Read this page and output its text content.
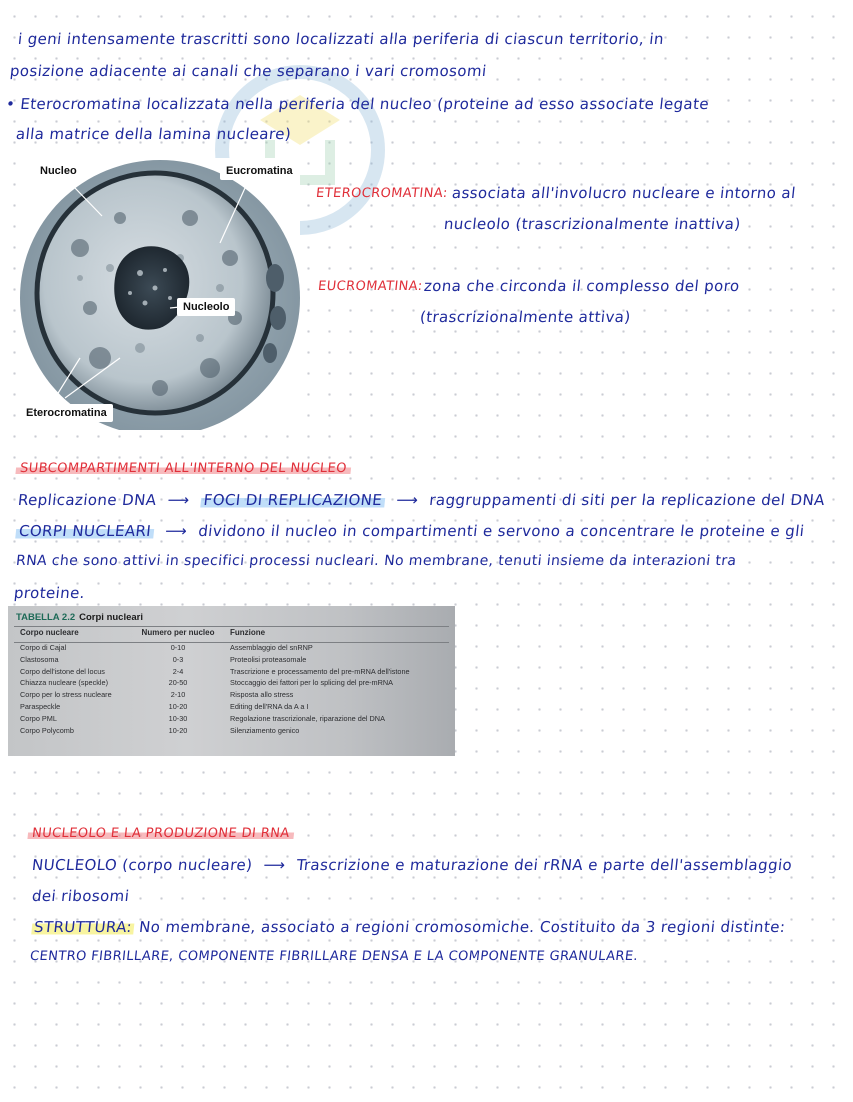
i geni intensamente trascritti sono localizzati alla periferia di ciascun territorio, in
posizione adiacente ai canali che separano i vari cromosomi
• Eterocromatina localizzata nella periferia del nucleo (proteine ad esso associate legate
alla matrice della lamina nucleare)
Nucleo	Eucromatina
Nucleolo
Eterocromatina
ETEROCROMATINA: associata all'involucro nucleare e intorno al
nucleolo (trascrizionalmente inattiva)
EUCROMATINA: zona che circonda il complesso del poro
(trascrizionalmente attiva)
SUBCOMPARTIMENTI ALL'INTERNO DEL NUCLEO
Replicazione DNA ⟶ FOCI DI REPLICAZIONE ⟶ raggruppamenti di siti per la replicazione del DNA
CORPI NUCLEARI ⟶ dividono il nucleo in compartimenti e servono a concentrare le proteine e gli
RNA che sono attivi in specifici processi nucleari. No membrane, tenuti insieme da interazioni tra
proteine.
TABELLA 2.2 Corpi nucleari
Corpo nucleare	Numero per nucleo	Funzione
Corpo di Cajal	0-10	Assemblaggio del snRNP
Clastosoma	0-3	Proteolisi proteasomale
Corpo dell'istone del locus	2-4	Trascrizione e processamento del pre-mRNA dell'istone
Chiazza nucleare (speckle)	20-50	Stoccaggio dei fattori per lo splicing del pre-mRNA
Corpo per lo stress nucleare	2-10	Risposta allo stress
Paraspeckle	10-20	Editing dell'RNA da A a I
Corpo PML	10-30	Regolazione trascrizionale, riparazione del DNA
Corpo Polycomb	10-20	Silenziamento genico
NUCLEOLO E LA PRODUZIONE DI RNA
NUCLEOLO (corpo nucleare) ⟶ Trascrizione e maturazione dei rRNA e parte dell'assemblaggio
dei ribosomi
STRUTTURA: No membrane, associato a regioni cromosomiche. Costituito da 3 regioni distinte:
CENTRO FIBRILLARE, COMPONENTE FIBRILLARE DENSA E LA COMPONENTE GRANULARE.
